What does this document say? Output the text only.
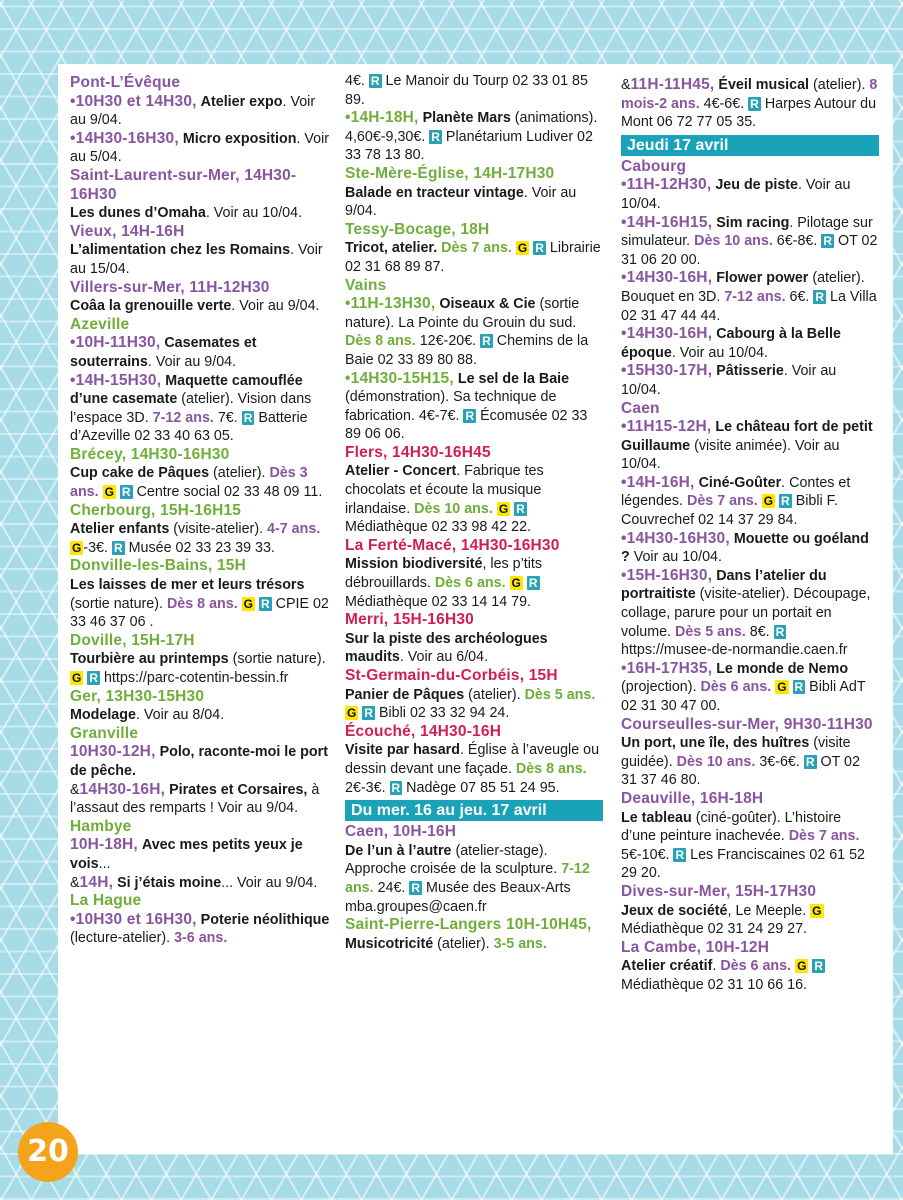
Pont-L’Évêque

•10H30 et 14H30, Atelier expo. Voir au 9/04.

•14H30-16H30, Micro exposition. Voir au 5/04.

Saint-Laurent-sur-Mer, 14H30-16H30

Les dunes d’Omaha. Voir au 10/04.

Vieux, 14H-16H

L’alimentation chez les Romains. Voir au 15/04.

Villers-sur-Mer, 11H-12H30

Coâa la grenouille verte. Voir au 9/04.

Azeville

•10H-11H30, Casemates et souterrains. Voir au 9/04.

•14H-15H30, Maquette camouflée d’une casemate (atelier). Vision dans l’espace 3D. 7-12 ans. 7€. R Batterie d’Azeville 02 33 40 63 05.

Brécey, 14H30-16H30

Cup cake de Pâques (atelier). Dès 3 ans. G R Centre social 02 33 48 09 11.

Cherbourg, 15H-16H15

Atelier enfants (visite-atelier). 4-7 ans. G -3€. R Musée 02 33 23 39 33.

Donville-les-Bains, 15H

Les laisses de mer et leurs trésors (sortie nature). Dès 8 ans. G R CPIE 02 33 46 37 06 .

Doville, 15H-17H

Tourbière au printemps (sortie nature). G R https://parc-cotentin-bessin.fr

Ger, 13H30-15H30

Modelage. Voir au 8/04.

Granville

10H30-12H, Polo, raconte-moi le port de pêche.

&14H30-16H, Pirates et Corsaires, à l’assaut des remparts ! Voir au 9/04.

Hambye

10H-18H, Avec mes petits yeux je vois...

&14H, Si j’étais moine... Voir au 9/04.

La Hague

•10H30 et 16H30, Poterie néolithique (lecture-atelier). 3-6 ans.

4€. R Le Manoir du Tourp 02 33 01 85 89.

•14H-18H, Planète Mars (animations). 4,60€-9,30€. R Planétarium Ludiver 02 33 78 13 80.

Ste-Mère-Église, 14H-17H30

Balade en tracteur vintage. Voir au 9/04.

Tessy-Bocage, 18H

Tricot, atelier. Dès 7 ans. G R Librairie 02 31 68 89 87.

Vains

•11H-13H30, Oiseaux & Cie (sortie nature). La Pointe du Grouin du sud. Dès 8 ans. 12€-20€. R Chemins de la Baie 02 33 89 80 88.

•14H30-15H15, Le sel de la Baie (démonstration). Sa technique de fabrication. 4€-7€. R Écomusée 02 33 89 06 06.

Flers, 14H30-16H45

Atelier - Concert. Fabrique tes chocolats et écoute la musique irlandaise. Dès 10 ans. G R Médiathèque 02 33 98 42 22.

La Ferté-Macé, 14H30-16H30

Mission biodiversité, les p’tits débrouillards. Dès 6 ans. G R Médiathèque 02 33 14 14 79.

Merri, 15H-16H30

Sur la piste des archéologues maudits. Voir au 6/04.

St-Germain-du-Corbéis, 15H

Panier de Pâques (atelier). Dès 5 ans. G R Bibli 02 33 32 94 24.

Écouché, 14H30-16H

Visite par hasard. Église à l’aveugle ou dessin devant une façade. Dès 8 ans. 2€-3€. R Nadège 07 85 51 24 95.

Du mer. 16 au jeu. 17 avril

Caen, 10H-16H

De l’un à l’autre (atelier-stage). Approche croisée de la sculpture. 7-12 ans. 24€. R Musée des Beaux-Arts mba.groupes@caen.fr

Saint-Pierre-Langers 10H-10H45, Musicotricité (atelier). 3-5 ans.

&11H-11H45, Éveil musical (atelier). 8 mois-2 ans. 4€-6€. R Harpes Autour du Mont 06 72 77 05 35.

Jeudi 17 avril

Cabourg

•11H-12H30, Jeu de piste. Voir au 10/04.

•14H-16H15, Sim racing. Pilotage sur simulateur. Dès 10 ans. 6€-8€. R OT 02 31 06 20 00.

•14H30-16H, Flower power (atelier). Bouquet en 3D. 7-12 ans. 6€. R La Villa 02 31 47 44 44.

•14H30-16H, Cabourg à la Belle époque. Voir au 10/04.

•15H30-17H, Pâtisserie. Voir au 10/04.

Caen

•11H15-12H, Le château fort de petit Guillaume (visite animée). Voir au 10/04.

•14H-16H, Ciné-Goûter. Contes et légendes. Dès 7 ans. G R Bibli F. Couvrechef 02 14 37 29 84.

•14H30-16H30, Mouette ou goéland ? Voir au 10/04.

•15H-16H30, Dans l’atelier du portraitiste (visite-atelier). Découpage, collage, parure pour un portait en volume. Dès 5 ans. 8€. R https://musee-de-normandie.caen.fr

•16H-17H35, Le monde de Nemo (projection). Dès 6 ans. G R Bibli AdT 02 31 30 47 00.

Courseulles-sur-Mer, 9H30-11H30

Un port, une île, des huîtres (visite guidée). Dès 10 ans. 3€-6€. R OT 02 31 37 46 80.

Deauville, 16H-18H

Le tableau (ciné-goûter). L’histoire d’une peinture inachevée. Dès 7 ans. 5€-10€. R Les Franciscaines 02 61 52 29 20.

Dives-sur-Mer, 15H-17H30

Jeux de société, Le Meeple. G Médiathèque 02 31 24 29 27.

La Cambe, 10H-12H

Atelier créatif. Dès 6 ans. G R Médiathèque 02 31 10 66 16.

20
